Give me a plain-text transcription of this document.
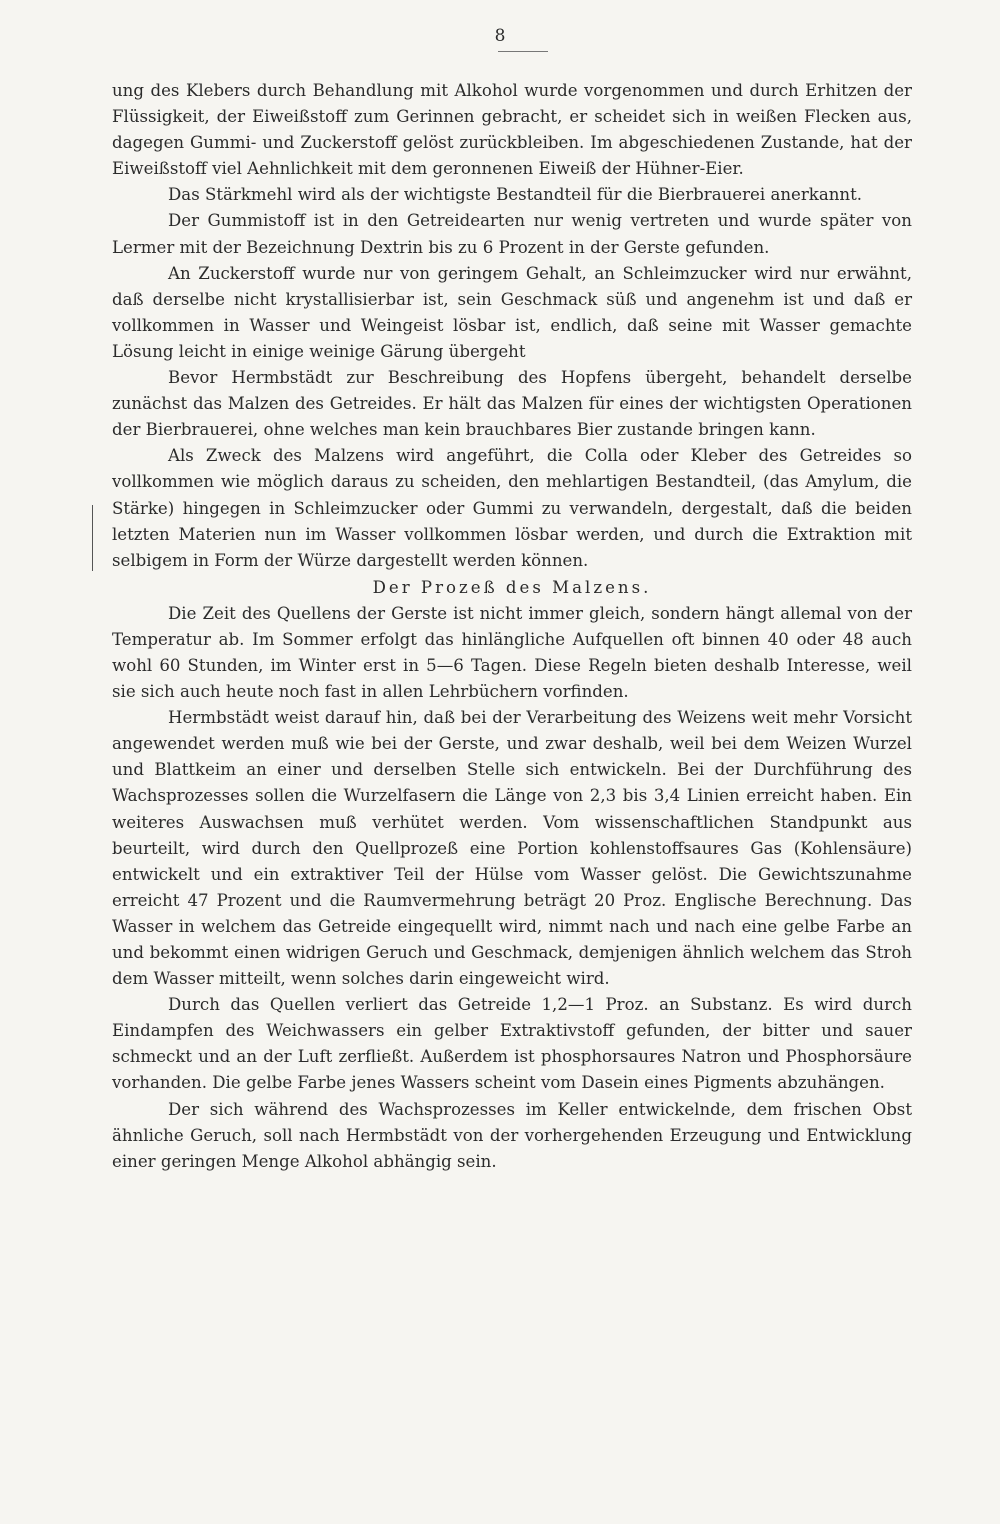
8

ung des Klebers durch Behandlung mit Alkohol wurde vorgenommen und durch Erhitzen der Flüssigkeit, der Eiweißstoff zum Gerinnen gebracht, er scheidet sich in weißen Flecken aus, dagegen Gummi- und Zuckerstoff gelöst zurückbleiben. Im abgeschiedenen Zustande, hat der Eiweißstoff viel Aehnlichkeit mit dem geronnenen Eiweiß der Hühner-Eier.

Das Stärkmehl wird als der wichtigste Bestandteil für die Bierbrauerei anerkannt.

Der Gummistoff ist in den Getreidearten nur wenig vertreten und wurde später von Lermer mit der Bezeichnung Dextrin bis zu 6 Prozent in der Gerste gefunden.

An Zuckerstoff wurde nur von geringem Gehalt, an Schleimzucker wird nur erwähnt, daß derselbe nicht krystallisierbar ist, sein Geschmack süß und angenehm ist und daß er vollkommen in Wasser und Weingeist lösbar ist, endlich, daß seine mit Wasser gemachte Lösung leicht in einige weinige Gärung übergeht

Bevor Hermbstädt zur Beschreibung des Hopfens übergeht, behandelt derselbe zunächst das Malzen des Getreides. Er hält das Malzen für eines der wichtigsten Operationen der Bierbrauerei, ohne welches man kein brauchbares Bier zustande bringen kann.

Als Zweck des Malzens wird angeführt, die Colla oder Kleber des Getreides so vollkommen wie möglich daraus zu scheiden, den mehlartigen Bestandteil, (das Amylum, die Stärke) hingegen in Schleimzucker oder Gummi zu verwandeln, dergestalt, daß die beiden letzten Materien nun im Wasser vollkommen lösbar werden, und durch die Extraktion mit selbigem in Form der Würze dargestellt werden können.

Der Prozeß des Malzens.

Die Zeit des Quellens der Gerste ist nicht immer gleich, sondern hängt allemal von der Temperatur ab. Im Sommer erfolgt das hinlängliche Aufquellen oft binnen 40 oder 48 auch wohl 60 Stunden, im Winter erst in 5—6 Tagen. Diese Regeln bieten deshalb Interesse, weil sie sich auch heute noch fast in allen Lehrbüchern vorfinden.

Hermbstädt weist darauf hin, daß bei der Verarbeitung des Weizens weit mehr Vorsicht angewendet werden muß wie bei der Gerste, und zwar deshalb, weil bei dem Weizen Wurzel und Blattkeim an einer und derselben Stelle sich entwickeln. Bei der Durchführung des Wachsprozesses sollen die Wurzelfasern die Länge von 2,3 bis 3,4 Linien erreicht haben. Ein weiteres Auswachsen muß verhütet werden. Vom wissenschaftlichen Standpunkt aus beurteilt, wird durch den Quellprozeß eine Portion kohlenstoffsaures Gas (Kohlensäure) entwickelt und ein extraktiver Teil der Hülse vom Wasser gelöst. Die Gewichtszunahme erreicht 47 Prozent und die Raumvermehrung beträgt 20 Proz. Englische Berechnung. Das Wasser in welchem das Getreide eingequellt wird, nimmt nach und nach eine gelbe Farbe an und bekommt einen widrigen Geruch und Geschmack, demjenigen ähnlich welchem das Stroh dem Wasser mitteilt, wenn solches darin eingeweicht wird.

Durch das Quellen verliert das Getreide 1,2—1 Proz. an Substanz. Es wird durch Eindampfen des Weichwassers ein gelber Extraktivstoff gefunden, der bitter und sauer schmeckt und an der Luft zerfließt. Außerdem ist phosphorsaures Natron und Phosphorsäure vorhanden. Die gelbe Farbe jenes Wassers scheint vom Dasein eines Pigments abzuhängen.

Der sich während des Wachsprozesses im Keller entwickelnde, dem frischen Obst ähnliche Geruch, soll nach Hermbstädt von der vorhergehenden Erzeugung und Entwicklung einer geringen Menge Alkohol abhängig sein.
